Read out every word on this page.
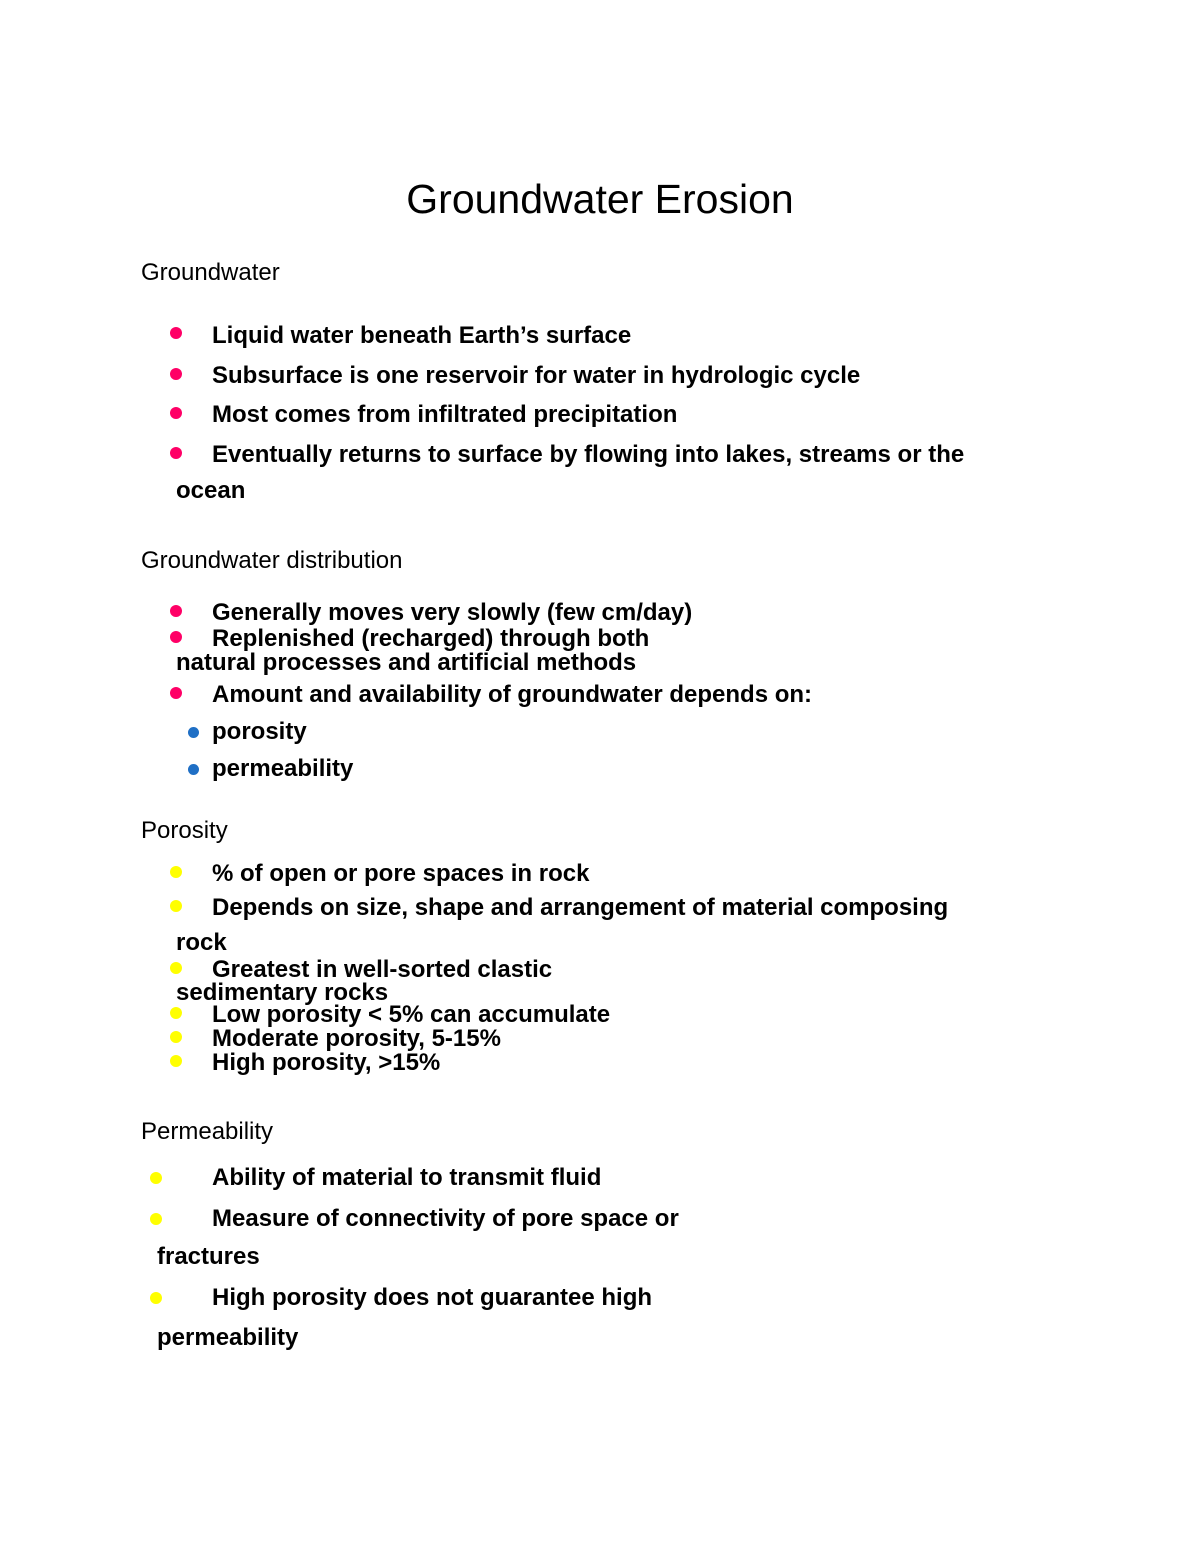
Groundwater Erosion
Groundwater
Liquid water beneath Earth’s surface
Subsurface is one reservoir for water in hydrologic cycle
Most comes from infiltrated precipitation
Eventually returns to surface by flowing into lakes, streams or the
ocean
Groundwater distribution
Generally moves very slowly (few cm/day)
Replenished (recharged) through both
natural processes and artificial methods
Amount and availability of groundwater depends on:
porosity
permeability
Porosity
% of open or pore spaces in rock
Depends on size, shape and arrangement of material composing
rock
Greatest in well-sorted clastic
sedimentary rocks
Low porosity < 5% can accumulate
Moderate porosity, 5-15%
High porosity, >15%
Permeability
Ability of material to transmit fluid
Measure of connectivity of pore space or
fractures
High porosity does not guarantee high
permeability
